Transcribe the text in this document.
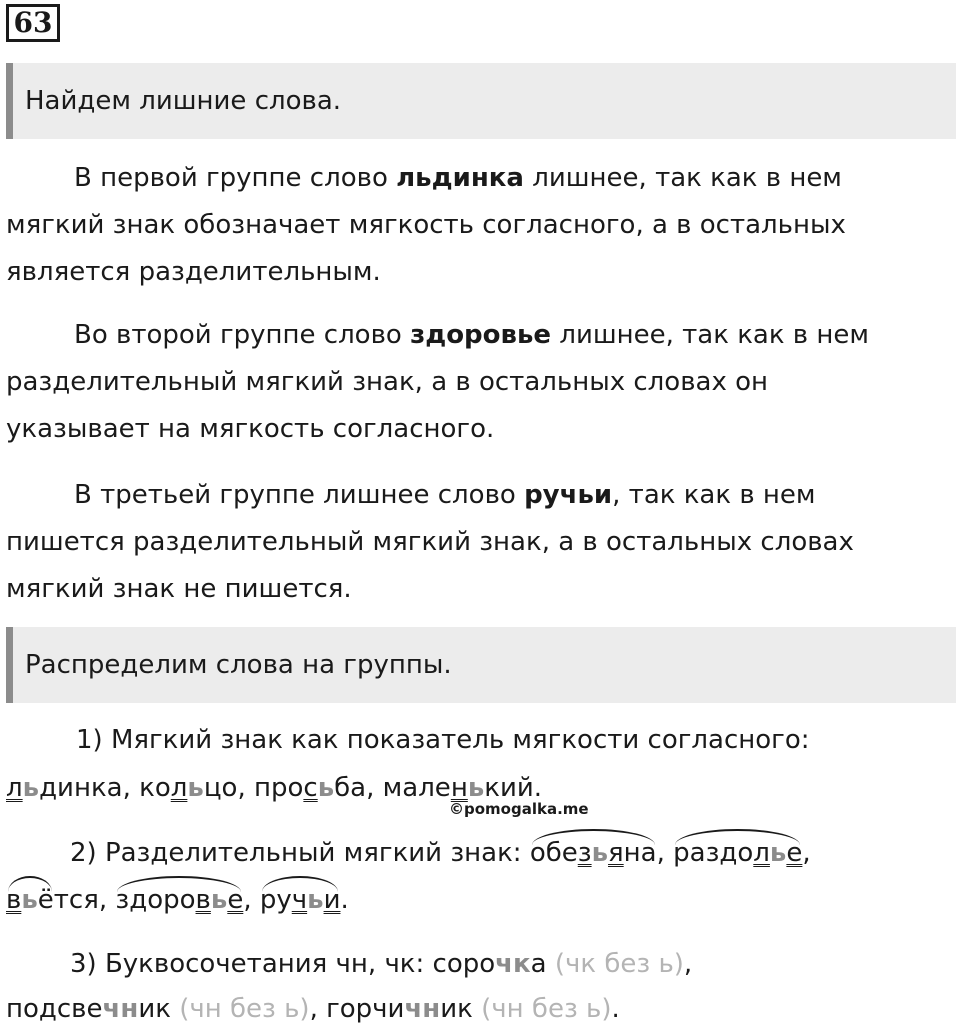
63
Найдем лишние слова.
В первой группе слово льдинка лишнее, так как в нем мягкий знак обозначает мягкость согласного, а в остальных является разделительным.
Во второй группе слово здоровье лишнее, так как в нем разделительный мягкий знак, а в остальных словах он указывает на мягкость согласного.
В третьей группе лишнее слово ручьи, так как в нем пишется разделительный мягкий знак, а в остальных словах мягкий знак не пишется.
Распределим слова на группы.
1) Мягкий знак как показатель мягкости согласного:
льдинка, кольцо, просьба, маленький.
©pomogalka.me
2) Разделительный мягкий знак: обезьяна, раздолье,
вьётся, здоровье, ручьи.
3) Буквосочетания чн, чк: сорочка (чк без ь),
подсвечник (чн без ь), горчичник (чн без ь).
